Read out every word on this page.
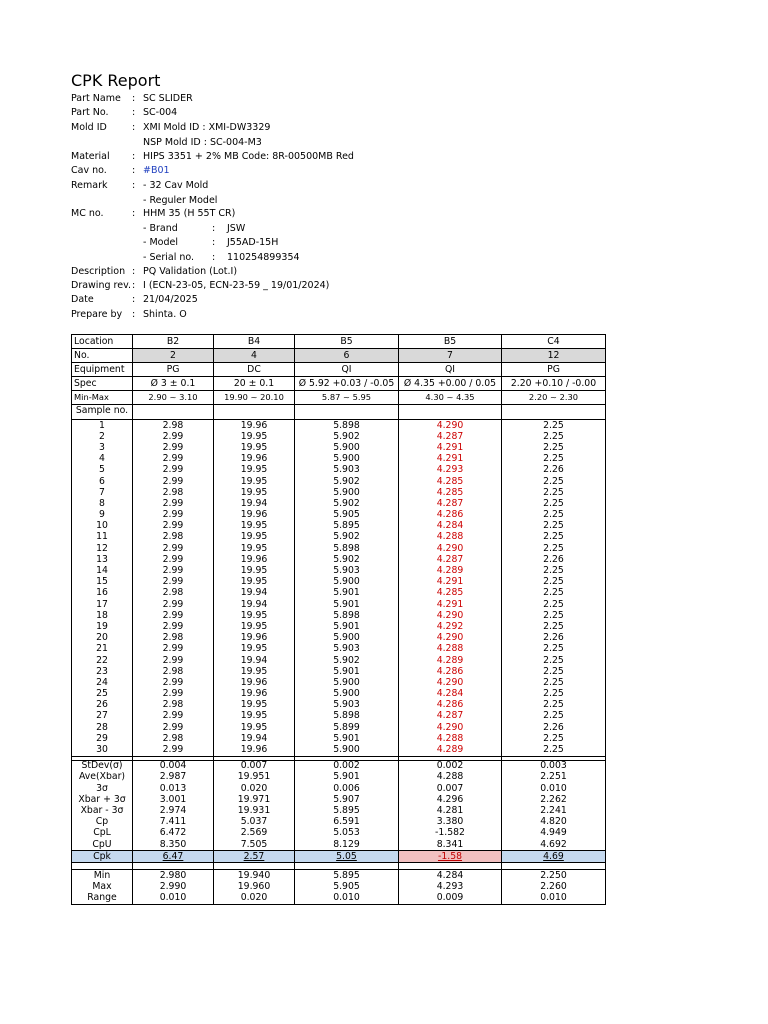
CPK Report
Location	B2	B4	B5	B5	C4
No.	2	4	6	7	12
Equipment	PG	DC	QI	QI	PG
Spec	Ø 3 ± 0.1	20 ± 0.1	Ø 5.92 +0.03 / -0.05	Ø 4.35 +0.00 / 0.05	2.20 +0.10 / -0.00
Min-Max	2.90 ~ 3.10	19.90 ~ 20.10	5.87 ~ 5.95	4.30 ~ 4.35	2.20 ~ 2.30
Sample no.					
1	2.98	19.96	5.898	4.290	2.25
2	2.99	19.95	5.902	4.287	2.25
3	2.99	19.95	5.900	4.291	2.25
4	2.99	19.96	5.900	4.291	2.25
5	2.99	19.95	5.903	4.293	2.26
6	2.99	19.95	5.902	4.285	2.25
7	2.98	19.95	5.900	4.285	2.25
8	2.99	19.94	5.902	4.287	2.25
9	2.99	19.96	5.905	4.286	2.25
10	2.99	19.95	5.895	4.284	2.25
11	2.98	19.95	5.902	4.288	2.25
12	2.99	19.95	5.898	4.290	2.25
13	2.99	19.96	5.902	4.287	2.26
14	2.99	19.95	5.903	4.289	2.25
15	2.99	19.95	5.900	4.291	2.25
16	2.98	19.94	5.901	4.285	2.25
17	2.99	19.94	5.901	4.291	2.25
18	2.99	19.95	5.898	4.290	2.25
19	2.99	19.95	5.901	4.292	2.25
20	2.98	19.96	5.900	4.290	2.26
21	2.99	19.95	5.903	4.288	2.25
22	2.99	19.94	5.902	4.289	2.25
23	2.98	19.95	5.901	4.286	2.25
24	2.99	19.96	5.900	4.290	2.25
25	2.99	19.96	5.900	4.284	2.25
26	2.98	19.95	5.903	4.286	2.25
27	2.99	19.95	5.898	4.287	2.25
28	2.99	19.95	5.899	4.290	2.26
29	2.98	19.94	5.901	4.288	2.25
30	2.99	19.96	5.900	4.289	2.25

StDev(σ)	0.004	0.007	0.002	0.002	0.003
Ave(Xbar)	2.987	19.951	5.901	4.288	2.251
3σ	0.013	0.020	0.006	0.007	0.010
Xbar + 3σ	3.001	19.971	5.907	4.296	2.262
Xbar - 3σ	2.974	19.931	5.895	4.281	2.241
Cp	7.411	5.037	6.591	3.380	4.820
CpL	6.472	2.569	5.053	-1.582	4.949
CpU	8.350	7.505	8.129	8.341	4.692
Cpk	6.47	2.57	5.05	-1.58	4.69

Min	2.980	19.940	5.895	4.284	2.250
Max	2.990	19.960	5.905	4.293	2.260
Range	0.010	0.020	0.010	0.009	0.010
Part Name : SC SLIDER
Part No. : SC-004
Mold ID	: XMI Mold ID : XMI-DW3329
NSP Mold ID : SC-004-M3
Material : HIPS 3351 + 2% MB Code: 8R-00500MB Red
Cav no.	: #B01
Remark	: - 32 Cav Mold
- Reguler Model
MC no.	: HHM 35 (H 55T CR)
Description : PQ Validation (Lot.I)
Drawing rev. : I (ECN-23-05, ECN-23-59 _ 19/01/2024)
Date	: 21/04/2025
Prepare by : Shinta. O
- Brand	: JSW
- Model	: J55AD-15H
- Serial no. : 110254899354
